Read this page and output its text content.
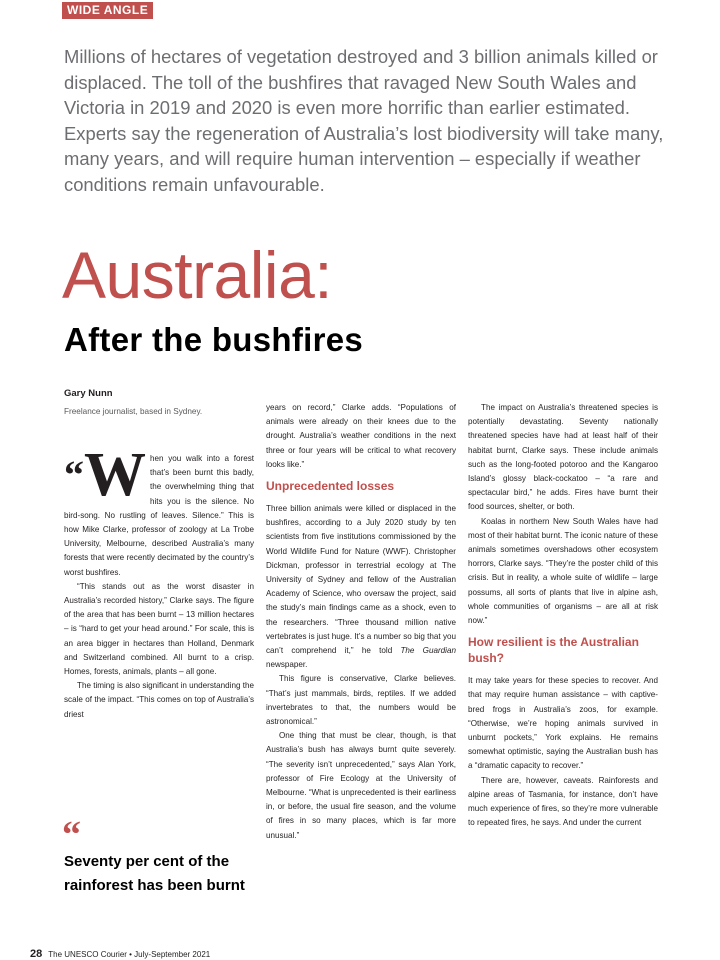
WIDE ANGLE
Millions of hectares of vegetation destroyed and 3 billion animals killed or displaced. The toll of the bushfires that ravaged New South Wales and Victoria in 2019 and 2020 is even more horrific than earlier estimated. Experts say the regeneration of Australia’s lost biodiversity will take many, many years, and will require human intervention – especially if weather conditions remain unfavourable.
Australia:
After the bushfires
Gary Nunn
Freelance journalist, based in Sydney.

“W hen you walk into a forest that’s been burnt this badly, the overwhelming thing that hits you is the silence. No bird-song. No rustling of leaves. Silence.” This is how Mike Clarke, professor of zoology at La Trobe University, Melbourne, described Australia’s many forests that were recently decimated by the country’s worst bushfires.

“This stands out as the worst disaster in Australia’s recorded history,” Clarke says. The figure of the area that has been burnt – 13 million hectares – is “hard to get your head around.” For scale, this is an area bigger in hectares than Holland, Denmark and Switzerland combined. All burnt to a crisp. Homes, forests, animals, plants – all gone.

The timing is also significant in understanding the scale of the impact. “This comes on top of Australia’s driest

“
Seventy per cent of the rainforest has been burnt

years on record,” Clarke adds. “Populations of animals were already on their knees due to the drought. Australia’s weather conditions in the next three or four years will be critical to what recovery looks like.”

Unprecedented losses

Three billion animals were killed or displaced in the bushfires, according to a July 2020 study by ten scientists from five institutions commissioned by the World Wildlife Fund for Nature (WWF). Christopher Dickman, professor in terrestrial ecology at The University of Sydney and fellow of the Australian Academy of Science, who oversaw the project, said the study’s main findings came as a shock, even to the researchers. “Three thousand million native vertebrates is just huge. It’s a number so big that you can’t comprehend it,” he told The Guardian newspaper.

This figure is conservative, Clarke believes. “That’s just mammals, birds, reptiles. If we added invertebrates to that, the numbers would be astronomical.”

One thing that must be clear, though, is that Australia’s bush has always burnt quite severely. “The severity isn’t unprecedented,” says Alan York, professor of Fire Ecology at the University of Melbourne. “What is unprecedented is their earliness in, or before, the usual fire season, and the volume of fires in so many places, which is far more unusual.”

The impact on Australia’s threatened species is potentially devastating. Seventy nationally threatened species have had at least half of their habitat burnt, Clarke says. These include animals such as the long-footed potoroo and the Kangaroo Island’s glossy black-cockatoo – “a rare and spectacular bird,” he adds. Fires have burnt their food sources, shelter, or both.

Koalas in northern New South Wales have had most of their habitat burnt. The iconic nature of these animals sometimes overshadows other ecosystem horrors, Clarke says. “They’re the poster child of this crisis. But in reality, a whole suite of wildlife – large possums, all sorts of plants that live in alpine ash, whole communities of organisms – are all at risk now.”

How resilient is the Australian bush?

It may take years for these species to recover. And that may require human assistance – with captive-bred frogs in Australia’s zoos, for example. “Otherwise, we’re hoping animals survived in unburnt pockets,” York explains. He remains somewhat optimistic, saying the Australian bush has a “dramatic capacity to recover.”

There are, however, caveats. Rainforests and alpine areas of Tasmania, for instance, don’t have much experience of fires, so they’re more vulnerable to repeated fires, he says. And under the current

28 The UNESCO Courier • July-September 2021
